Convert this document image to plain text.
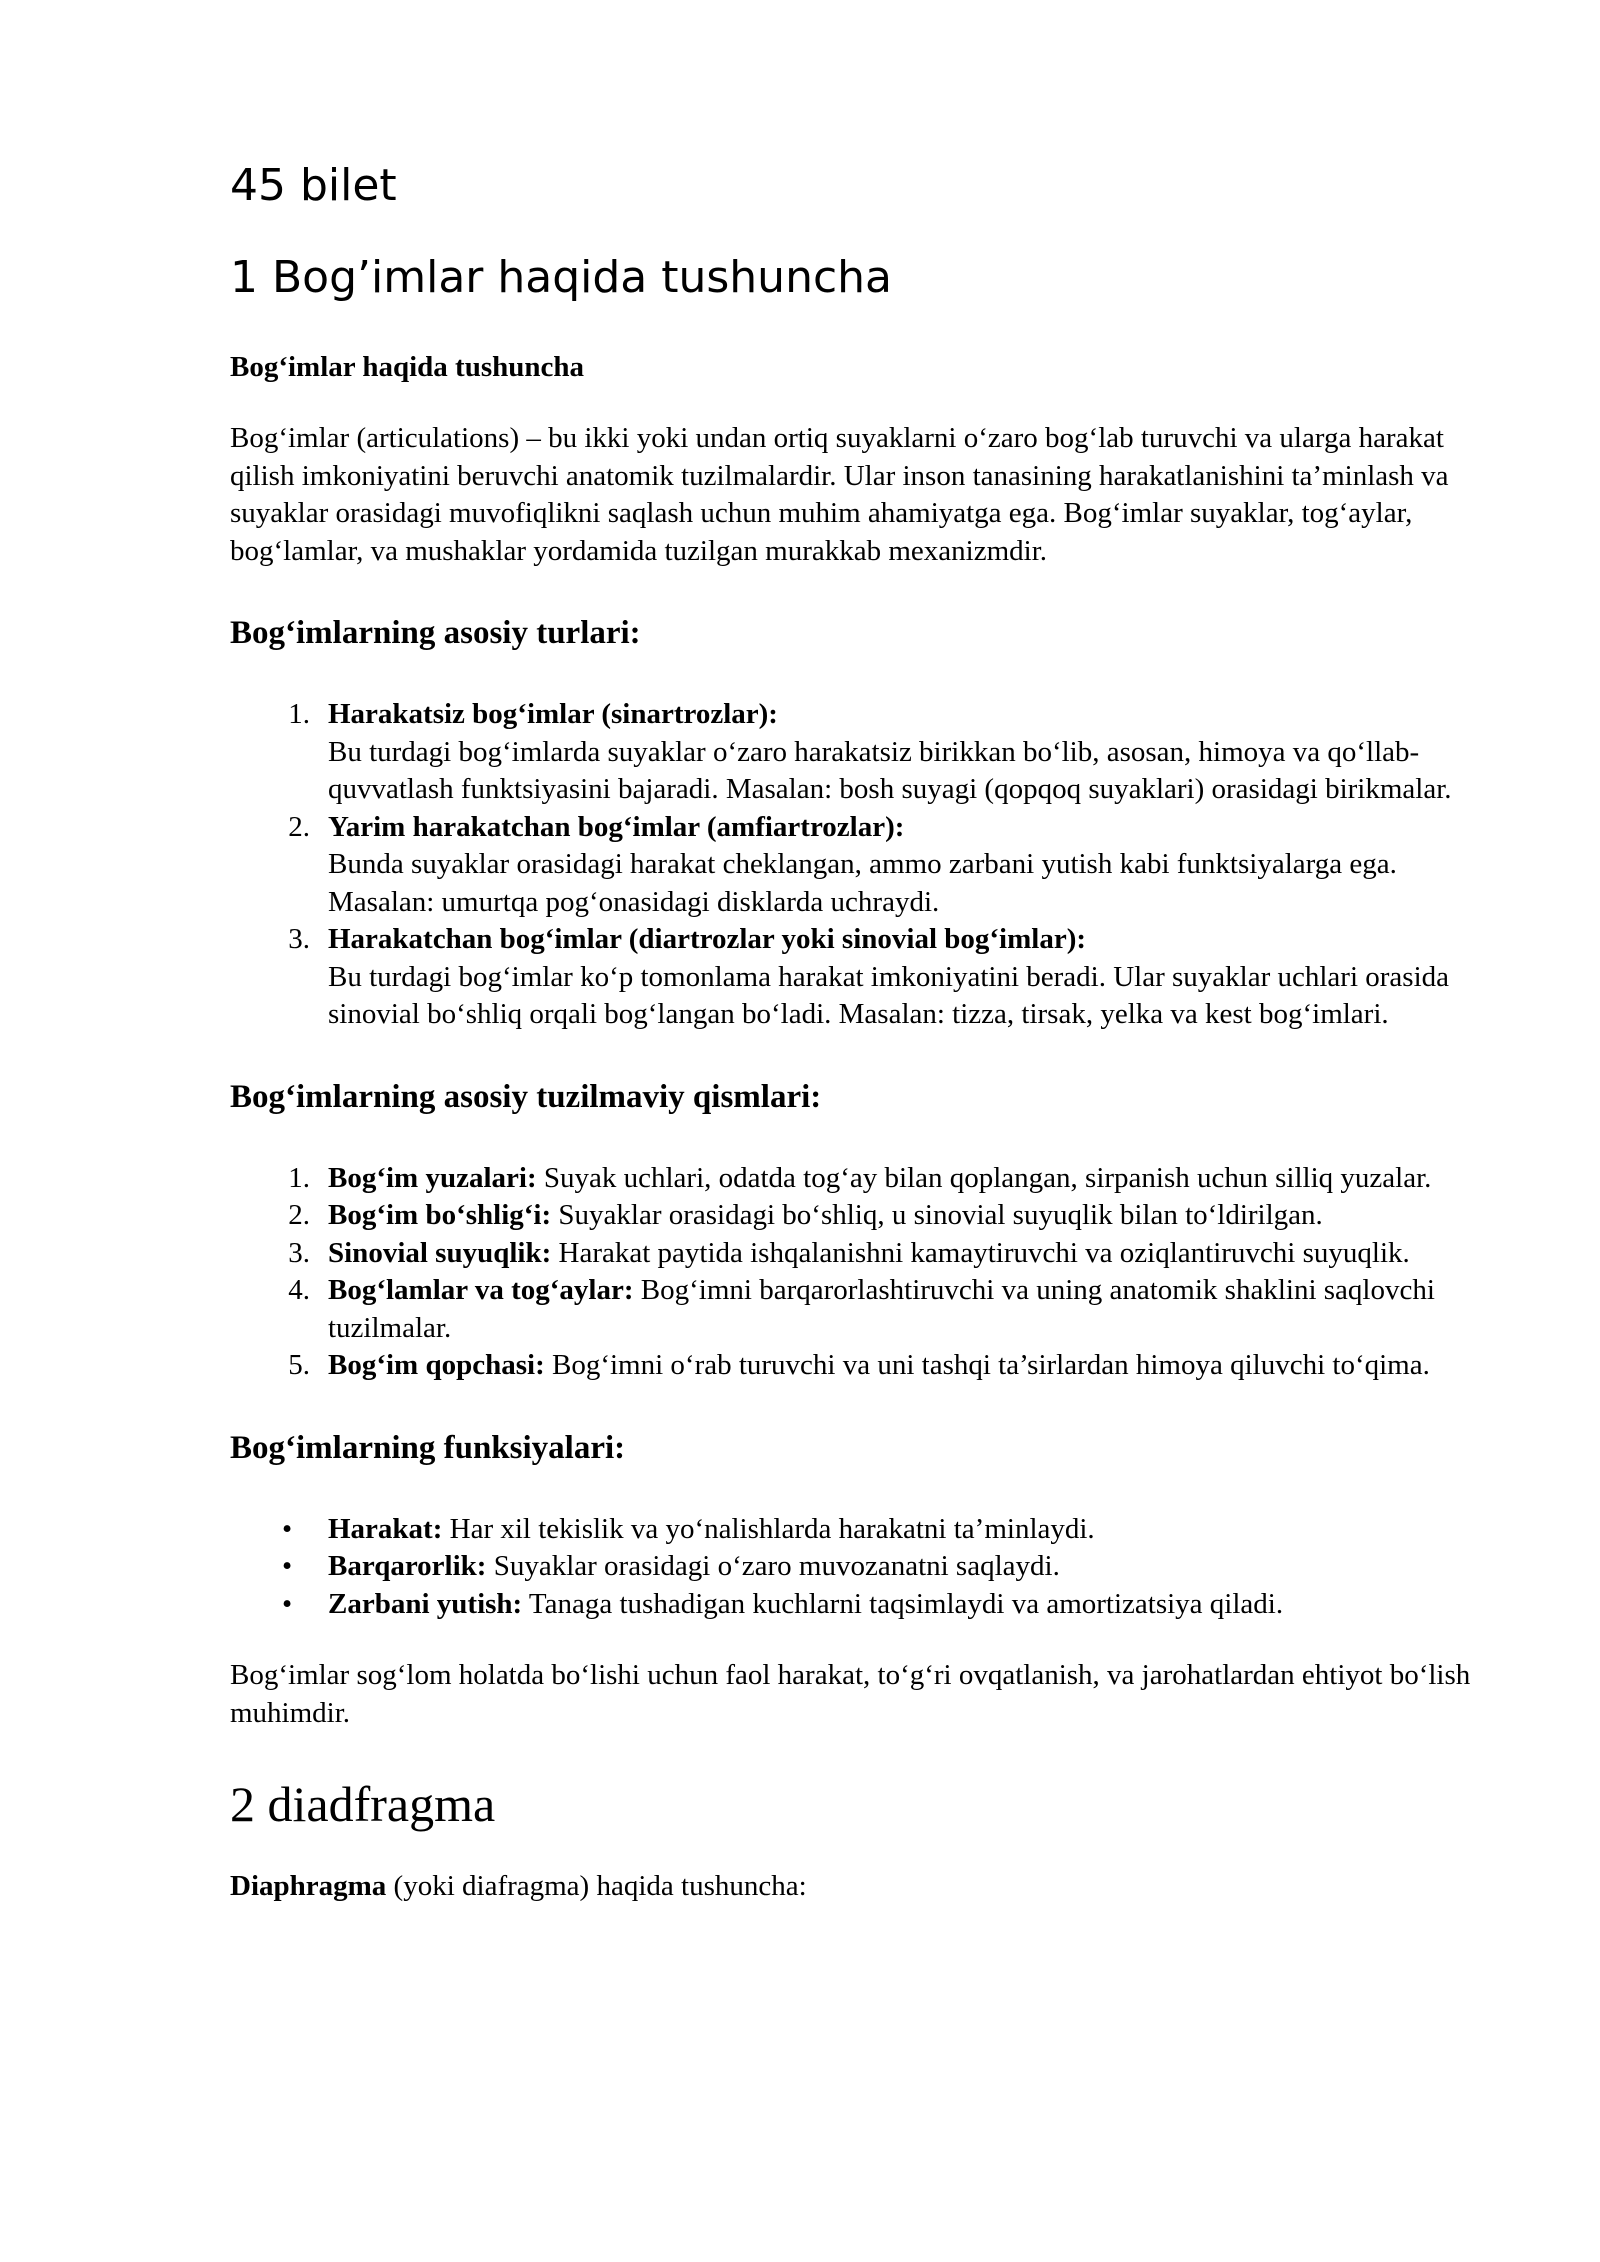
45 bilet
1 Bog’imlar haqida tushuncha
Bog‘imlar haqida tushuncha

Bog‘imlar (articulations) – bu ikki yoki undan ortiq suyaklarni o‘zaro bog‘lab turuvchi va ularga harakat qilish imkoniyatini beruvchi anatomik tuzilmalardir. Ular inson tanasining harakatlanishini ta’minlash va suyaklar orasidagi muvofiqlikni saqlash uchun muhim ahamiyatga ega. Bog‘imlar suyaklar, tog‘aylar, bog‘lamlar, va mushaklar yordamida tuzilgan murakkab mexanizmdir.

Bog‘imlarning asosiy turlari:
1. Harakatsiz bog‘imlar (sinartrozlar):
Bu turdagi bog‘imlarda suyaklar o‘zaro harakatsiz birikkan bo‘lib, asosan, himoya va qo‘llab-quvvatlash funktsiyasini bajaradi. Masalan: bosh suyagi (qopqoq suyaklari) orasidagi birikmalar.
2. Yarim harakatchan bog‘imlar (amfiartrozlar):
Bunda suyaklar orasidagi harakat cheklangan, ammo zarbani yutish kabi funktsiyalarga ega. Masalan: umurtqa pog‘onasidagi disklarda uchraydi.
3. Harakatchan bog‘imlar (diartrozlar yoki sinovial bog‘imlar):
Bu turdagi bog‘imlar ko‘p tomonlama harakat imkoniyatini beradi. Ular suyaklar uchlari orasida sinovial bo‘shliq orqali bog‘langan bo‘ladi. Masalan: tizza, tirsak, yelka va kest bog‘imlari.
Bog‘imlarning asosiy tuzilmaviy qismlari:
1. Bog‘im yuzalari: Suyak uchlari, odatda tog‘ay bilan qoplangan, sirpanish uchun silliq yuzalar.
2. Bog‘im bo‘shlig‘i: Suyaklar orasidagi bo‘shliq, u sinovial suyuqlik bilan to‘ldirilgan.
3. Sinovial suyuqlik: Harakat paytida ishqalanishni kamaytiruvchi va oziqlantiruvchi suyuqlik.
4. Bog‘lamlar va tog‘aylar: Bog‘imni barqarorlashtiruvchi va uning anatomik shaklini saqlovchi tuzilmalar.
5. Bog‘im qopchasi: Bog‘imni o‘rab turuvchi va uni tashqi ta’sirlardan himoya qiluvchi to‘qima.
Bog‘imlarning funksiyalari:
• Harakat: Har xil tekislik va yo‘nalishlarda harakatni ta’minlaydi.
• Barqarorlik: Suyaklar orasidagi o‘zaro muvozanatni saqlaydi.
• Zarbani yutish: Tanaga tushadigan kuchlarni taqsimlaydi va amortizatsiya qiladi.

Bog‘imlar sog‘lom holatda bo‘lishi uchun faol harakat, to‘g‘ri ovqatlanish, va jarohatlardan ehtiyot bo‘lish muhimdir.

2 diadfragma

Diaphragma (yoki diafragma) haqida tushuncha:
